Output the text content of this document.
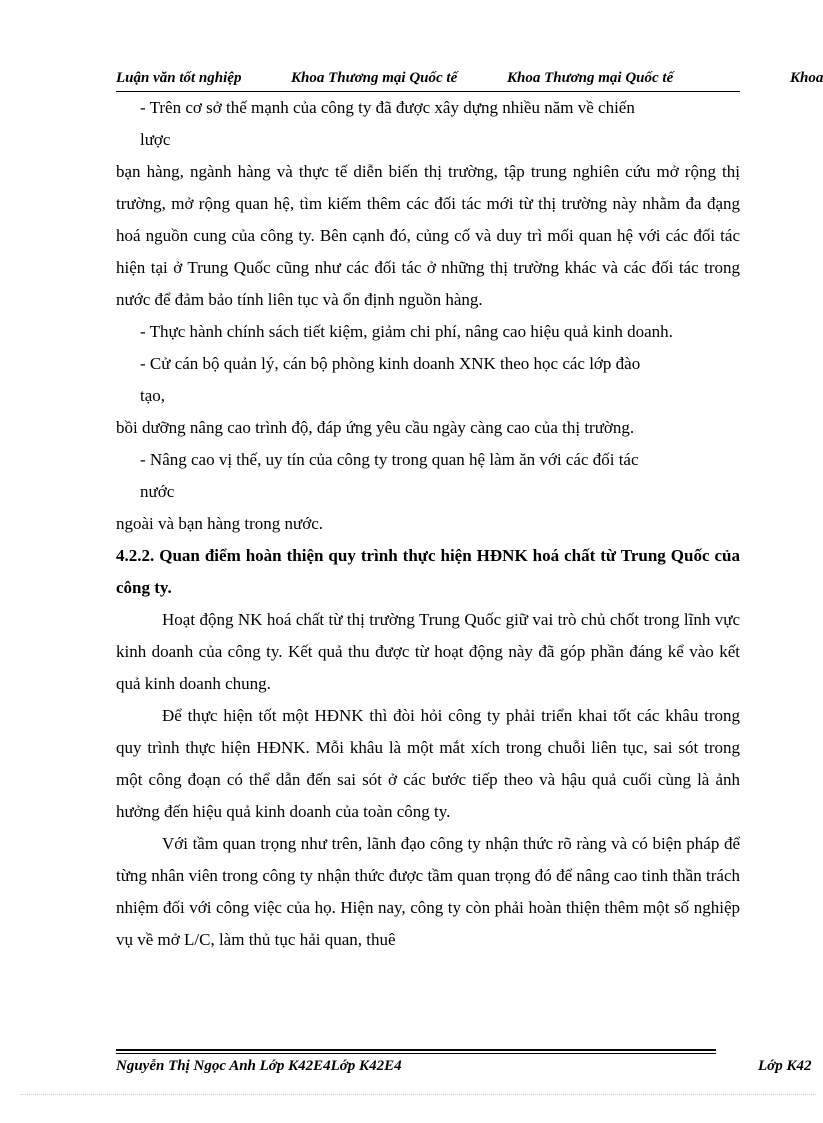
Luận văn tốt nghiệp	Khoa Thương mại Quốc tế	Khoa Thương mại Quốc tế	Khoa

- Trên cơ sở thế mạnh của công ty đã được xây dựng nhiều năm về chiến

lược

bạn hàng, ngành hàng và thực tế diễn biến thị trường, tập trung nghiên cứu mở rộng thị trường, mở rộng quan hệ, tìm kiếm thêm các đối tác mới từ thị trường này nhằm đa đạng hoá nguồn cung của công ty. Bên cạnh đó, củng cố và duy trì mối quan hệ với các đối tác hiện tại ở Trung Quốc cũng như các đối tác ở những thị trường khác và các đối tác trong nước để đảm bảo tính liên tục và ổn định nguồn hàng.

- Thực hành chính sách tiết kiệm, giảm chi phí, nâng cao hiệu quả kinh doanh.

- Cử cán bộ quản lý, cán bộ phòng kinh doanh XNK theo học các lớp đào

tạo,

bồi dưỡng nâng cao trình độ, đáp ứng yêu cầu ngày càng cao của thị trường.

- Nâng cao vị thế, uy tín của công ty trong quan hệ làm ăn với các đối tác

nước

ngoài và bạn hàng trong nước.

4.2.2. Quan điểm hoàn thiện quy trình thực hiện HĐNK hoá chất từ Trung Quốc của công ty.

Hoạt động NK hoá chất từ thị trường Trung Quốc giữ vai trò chủ chốt trong lĩnh vực kinh doanh của công ty. Kết quả thu được từ hoạt động này đã góp phần đáng kể vào kết quả kinh doanh chung.

Để thực hiện tốt một HĐNK thì đòi hỏi công ty phải triển khai tốt các khâu trong quy trình thực hiện HĐNK. Mỗi khâu là một mắt xích trong chuỗi liên tục, sai sót trong một công đoạn có thể dẫn đến sai sót ở các bước tiếp theo và hậu quả cuối cùng là ảnh hưởng đến hiệu quả kinh doanh của toàn công ty.

Với tầm quan trọng như trên, lãnh đạo công ty nhận thức rõ ràng và có biện pháp để từng nhân viên trong công ty nhận thức được tầm quan trọng đó để nâng cao tinh thần trách nhiệm đối với công việc của họ. Hiện nay, công ty còn phải hoàn thiện thêm một số nghiệp vụ về mở L/C, làm thủ tục hải quan, thuê

Nguyễn Thị Ngọc Anh Lớp K42E4Lớp K42E4	Lớp K42
